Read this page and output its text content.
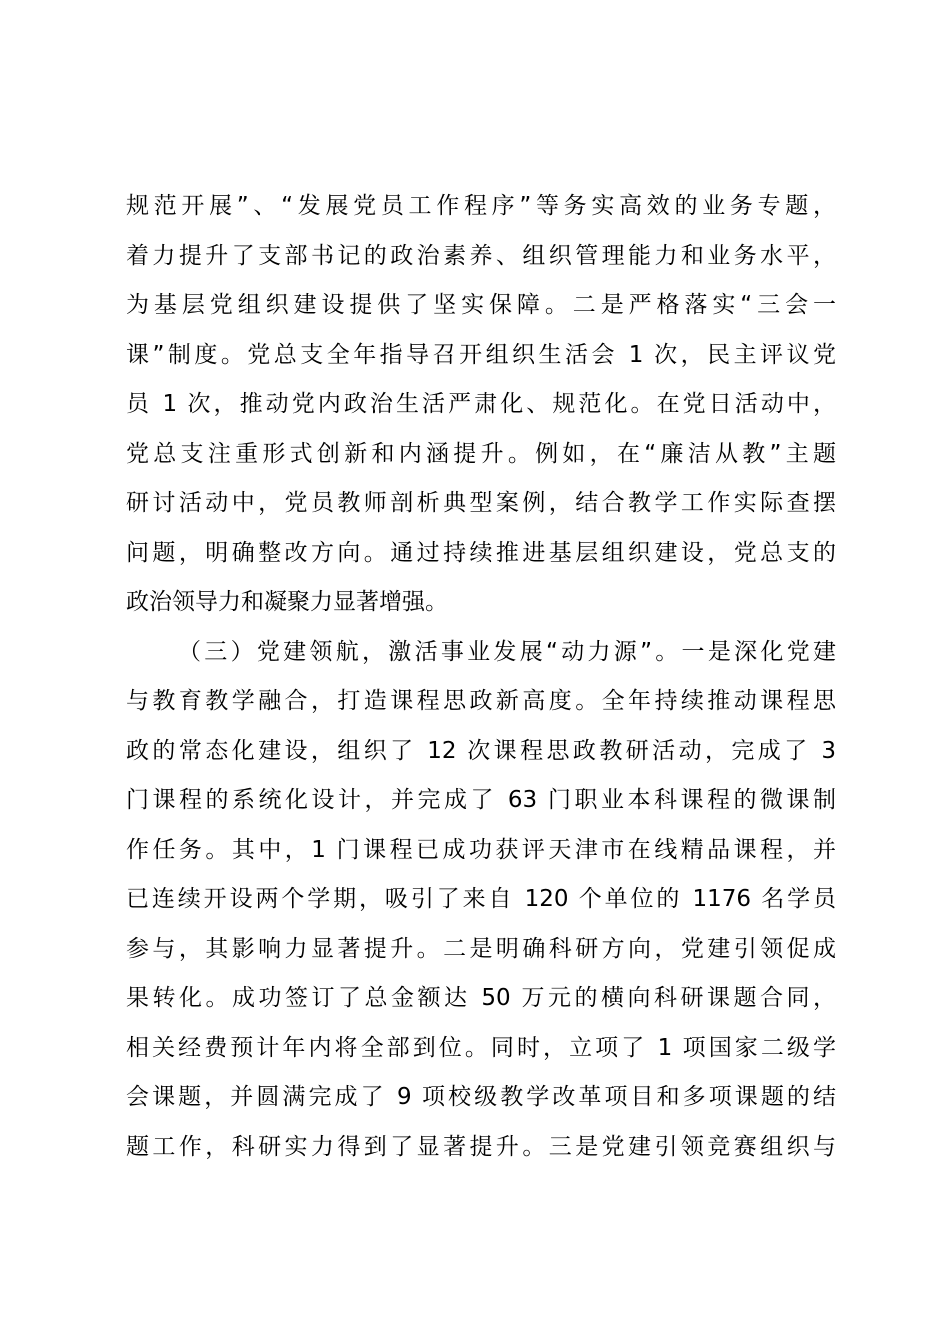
规范开展”、“发展党员工作程序”等务实高效的业务专题，
着力提升了支部书记的政治素养、组织管理能力和业务水平，
为基层党组织建设提供了坚实保障。二是严格落实“三会一
课”制度。党总支全年指导召开组织生活会 1 次，民主评议党
员 1 次，推动党内政治生活严肃化、规范化。在党日活动中，
党总支注重形式创新和内涵提升。例如，在“廉洁从教”主题
研讨活动中，党员教师剖析典型案例，结合教学工作实际查摆
问题，明确整改方向。通过持续推进基层组织建设，党总支的
政治领导力和凝聚力显著增强。
（三）党建领航，激活事业发展“动力源”。一是深化党建
与教育教学融合，打造课程思政新高度。全年持续推动课程思
政的常态化建设，组织了 12 次课程思政教研活动，完成了 3
门课程的系统化设计，并完成了 63 门职业本科课程的微课制
作任务。其中，1 门课程已成功获评天津市在线精品课程，并
已连续开设两个学期，吸引了来自 120 个单位的 1176 名学员
参与，其影响力显著提升。二是明确科研方向，党建引领促成
果转化。成功签订了总金额达 50 万元的横向科研课题合同，
相关经费预计年内将全部到位。同时，立项了 1 项国家二级学
会课题，并圆满完成了 9 项校级教学改革项目和多项课题的结
题工作，科研实力得到了显著提升。三是党建引领竞赛组织与
